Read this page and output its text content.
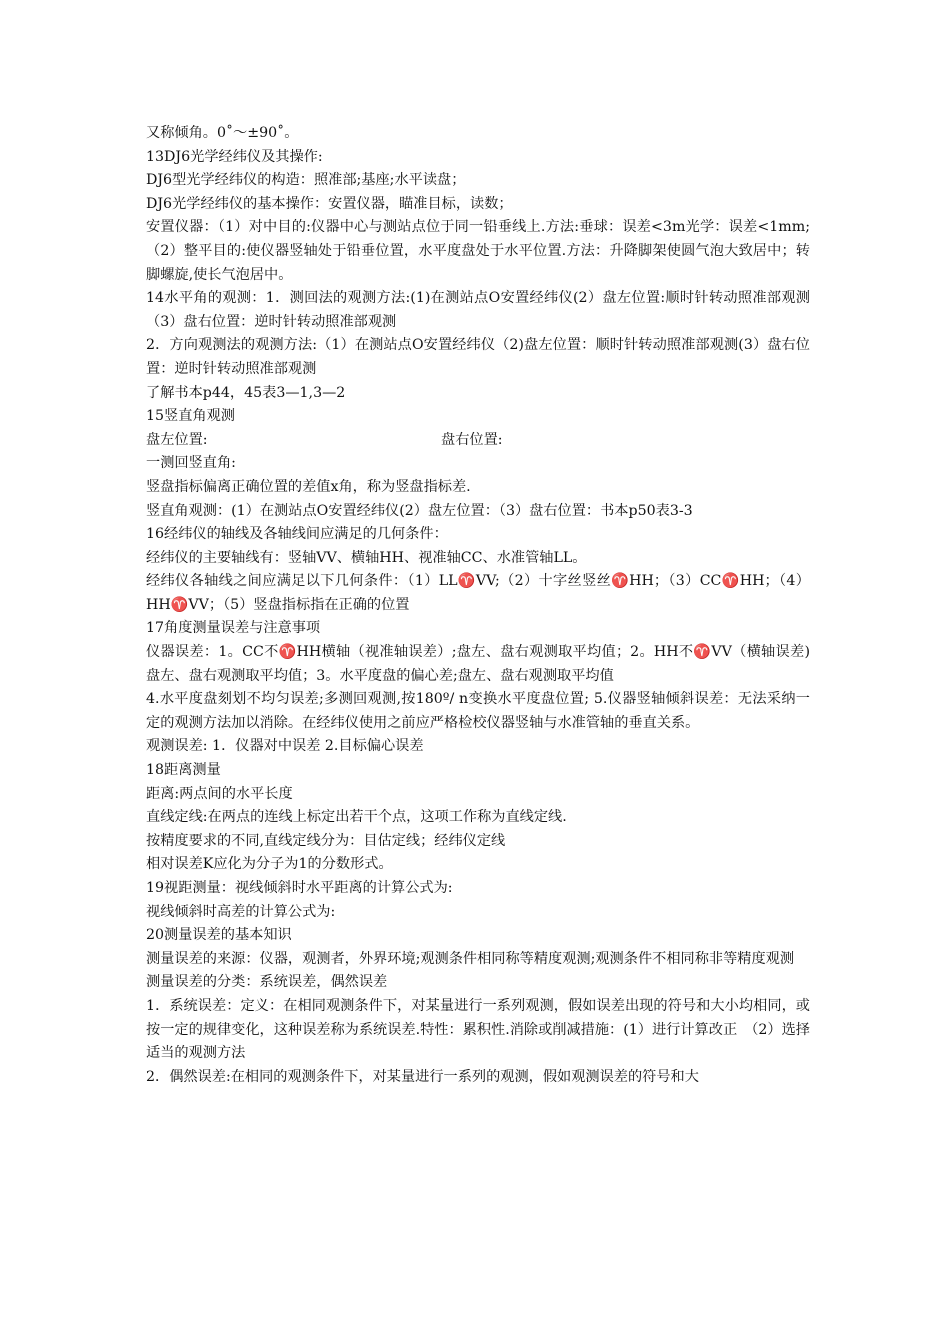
又称倾角。0˚～±90˚。

13DJ6光学经纬仪及其操作:

DJ6型光学经纬仪的构造：照准部;基座;水平读盘；

DJ6光学经纬仪的基本操作：安置仪器，瞄准目标，读数；

安置仪器：（1）对中目的:仪器中心与测站点位于同一铅垂线上.方法:垂球：误差<3m光学：误差<1mm;（2）整平目的:使仪器竖轴处于铅垂位置，水平度盘处于水平位置.方法：升降脚架使圆气泡大致居中；转脚螺旋,使长气泡居中。

14水平角的观测：1．测回法的观测方法:(1)在测站点O安置经纬仪(2）盘左位置:顺时针转动照准部观测（3）盘右位置：逆时针转动照准部观测

2．方向观测法的观测方法:（1）在测站点O安置经纬仪（2)盘左位置：顺时针转动照准部观测(3）盘右位置：逆时针转动照准部观测

了解书本p44，45表3—1,3—2

15竖直角观测

盘左位置:	盘右位置:

一测回竖直角:

竖盘指标偏离正确位置的差值x角，称为竖盘指标差.

竖直角观测：(1）在测站点O安置经纬仪(2）盘左位置：（3）盘右位置：书本p50表3-3

16经纬仪的轴线及各轴线间应满足的几何条件：

经纬仪的主要轴线有：竖轴VV、横轴HH、视准轴CC、水准管轴LL。

经纬仪各轴线之间应满足以下几何条件：（1）LL♈VV;（2）十字丝竖丝♈HH；（3）CC♈HH；（4）HH♈VV；（5）竖盘指标指在正确的位置

17角度测量误差与注意事项

仪器误差：1。CC不♈HH横轴（视准轴误差）;盘左、盘右观测取平均值；2。HH不♈VV（横轴误差)盘左、盘右观测取平均值；3。水平度盘的偏心差;盘左、盘右观测取平均值

4.水平度盘刻划不均匀误差;多测回观测,按180º/ n变换水平度盘位置; 5.仪器竖轴倾斜误差：无法采纳一定的观测方法加以消除。在经纬仪使用之前应严格检校仪器竖轴与水准管轴的垂直关系。

观测误差: 1．仪器对中误差 2.目标偏心误差

18距离测量

距离:两点间的水平长度

直线定线:在两点的连线上标定出若干个点，这项工作称为直线定线.

按精度要求的不同,直线定线分为：目估定线；经纬仪定线

相对误差K应化为分子为1的分数形式。

19视距测量：视线倾斜时水平距离的计算公式为:

视线倾斜时高差的计算公式为:

20测量误差的基本知识

测量误差的来源：仪器，观测者，外界环境;观测条件相同称等精度观测;观测条件不相同称非等精度观测

测量误差的分类：系统误差，偶然误差

1．系统误差：定义：在相同观测条件下，对某量进行一系列观测，假如误差出现的符号和大小均相同，或按一定的规律变化，这种误差称为系统误差.特性：累积性.消除或削减措施：(1）进行计算改正　（2）选择适当的观测方法

2．偶然误差:在相同的观测条件下，对某量进行一系列的观测，假如观测误差的符号和大
